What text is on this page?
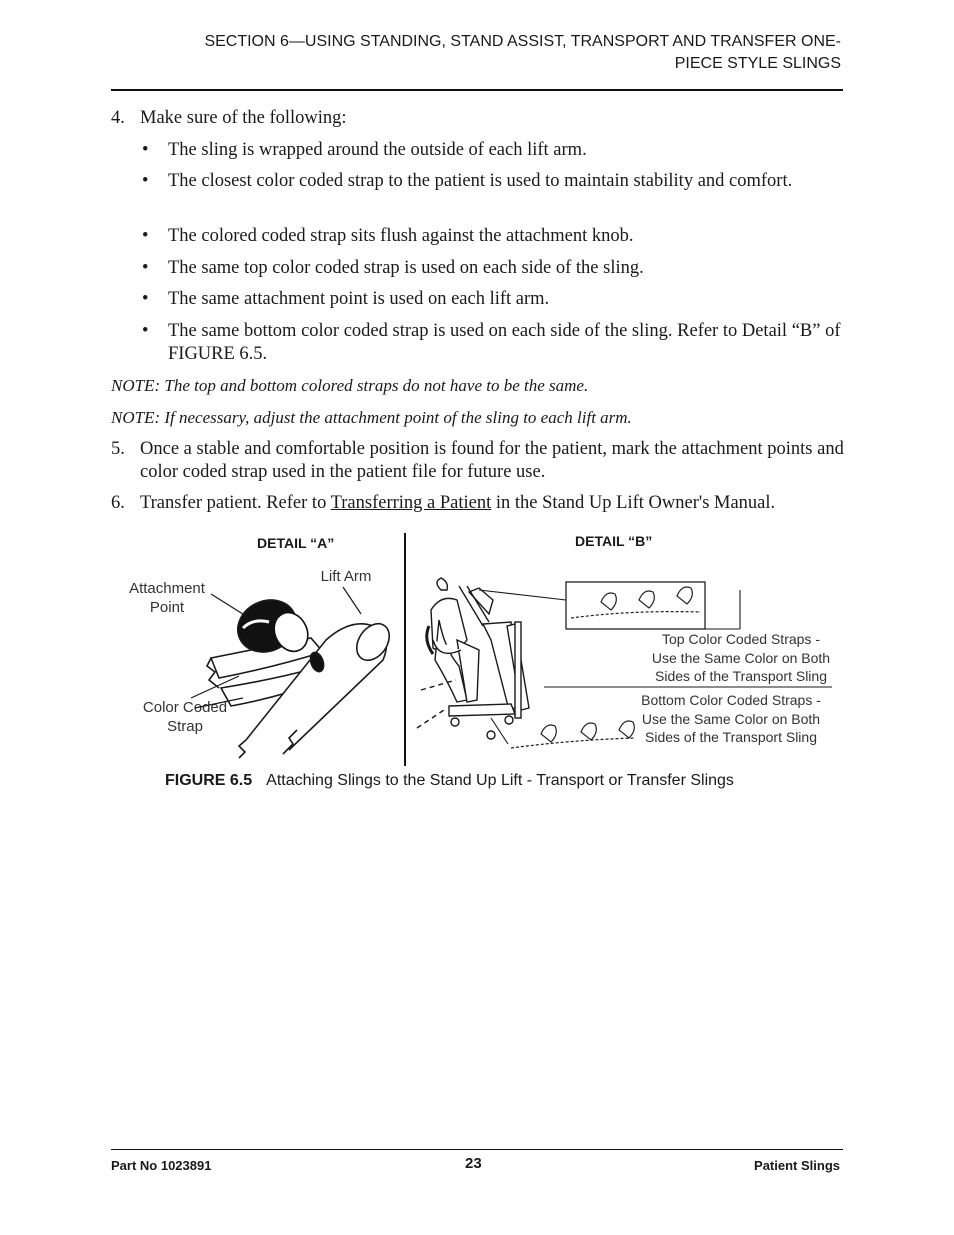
SECTION 6—USING STANDING, STAND ASSIST, TRANSPORT AND TRANSFER ONE-
PIECE STYLE SLINGS
4. Make sure of the following:
• The sling is wrapped around the outside of each lift arm.
• The closest color coded strap to the patient is used to maintain stability and comfort.
• The colored coded strap sits flush against the attachment knob.
• The same top color coded strap is used on each side of the sling.
• The same attachment point is used on each lift arm.
• The same bottom color coded strap is used on each side of the sling. Refer to Detail “B” of FIGURE 6.5.
NOTE: The top and bottom colored straps do not have to be the same.
NOTE: If necessary, adjust the attachment point of the sling to each lift arm.
5. Once a stable and comfortable position is found for the patient, mark the attachment points and color coded strap used in the patient file for future use.
6. Transfer patient. Refer to Transferring a Patient in the Stand Up Lift Owner's Manual.
DETAIL “A”	DETAIL “B”
Attachment
Point
Lift Arm
Color Coded
Strap
Top Color Coded Straps -
Use the Same Color on Both
Sides of the Transport Sling
Bottom Color Coded Straps -
Use the Same Color on Both
Sides of the Transport Sling
FIGURE 6.5 Attaching Slings to the Stand Up Lift - Transport or Transfer Slings
Part No 1023891	23	Patient Slings
